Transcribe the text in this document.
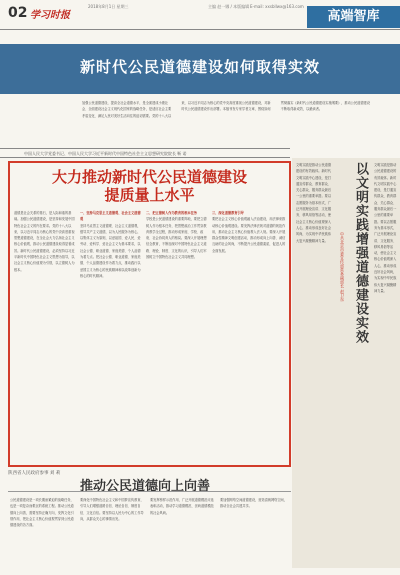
02 学习时报
2018年8月1日 星期三	主编 赵一娜 / 本版编辑 E-mail: xxsbllwx@163.com
高端智库
新时代公民道德建设如何取得实效

加强公民道德建设，提高全社会道德水平，是全面建成小康社会、全面建设社会主义现代化国家的战略任务，是适应社会主要矛盾变化、满足人民对美好生活向往的迫切需要。党的十八大以来，以习近平同志为核心的党中央高度重视公民道德建设，对新时代公民道德建设作出部署。本版刊发专家学者文章，围绕如何贯彻落实《新时代公民道德建设实施纲要》，推动公民道德建设不断取得新成效，以飨读者。

中国人民大学党委书记、中国人民大学习近平新时代中国特色社会主义思想研究院院长 靳 诺
大力推动新时代公民道德建设
提质量上水平
道德是社会关系的基石，是人际和谐的基础。加强公民道德建设，是坚持和发展中国特色社会主义的内在要求。党的十八大以来，以习近平同志为核心的党中央高度重视思想道德建设，在全社会大力弘扬社会主义核心价值观，推动公民道德建设取得显著成效。新时代公民道德建设，必须坚持以习近平新时代中国特色社会主义思想为指导，以社会主义核心价值观为引领，以立德树人为根本。
一、坚持马克思主义道德观、社会主义道德观
坚持马克思主义道德观、社会主义道德观，倡导共产主义道德，以为人民服务为核心，以集体主义为原则，以爱祖国、爱人民、爱劳动、爱科学、爱社会主义为基本要求，以社会公德、职业道德、家庭美德、个人品德为着力点。把社会公德、职业道德、家庭美德、个人品德建设作为着力点，推动践行以爱国主义为核心的民族精神和以改革创新为核心的时代精神。
二、把立德树人作为教育的根本任务
学校是公民道德建设的重要阵地，要把立德树人作为根本任务，把思想政治工作贯穿教育教学全过程，推动形成家庭、学校、政府、社会协同育人的格局。要深入开展理想信念教育，不断加深对中国特色社会主义道路、理论、制度、文化的认识，引导人们牢固树立中国特色社会主义共同理想。
三、深化道德教育引导
要把社会主义核心价值观融入法治建设，用法律来推动核心价值观建设。要发挥法律法规对道德的规范作用，推动社会主义核心价值观入法入规。要深入开展群众性精神文明创建活动，推动形成向上向善、诚信互助的社会风尚，不断提升公民道德素质，促进人的全面发展。	以文明实践增强道德建设实效
中共北京市委宣传部常务副部长 赵卫东
文明实践是推动公民道德建设的有效载体。新时代文明实践中心建设，是打通宣传群众、教育群众、关心群众、服务群众最后一公里的重要举措。要以志愿服务为基本形式，广泛开展理论宣讲、文化服务、移风易俗等活动，使社会主义核心价值观深入人心，推动形成良好社会风尚，为实现中华民族伟大复兴凝聚精神力量。
文明实践是推动公民道德建设的有效载体。新时代文明实践中心建设，是打通宣传群众、教育群众、关心群众、服务群众最后一公里的重要举措。要以志愿服务为基本形式，广泛开展理论宣讲、文化服务、移风易俗等活动，使社会主义核心价值观深入人心，推动形成良好社会风尚，为实现中华民族伟大复兴凝聚精神力量。
陕西省人民政府参事 刘 莉
推动公民道德向上向善
公民道德建设是一项长期而紧迫的战略任务，也是一项复杂而艰巨的系统工程。推动公民道德向上向善，需要坚持正确方向，发挥文化引领作用，把社会主义核心价值观贯穿到公民道德建设的各方面。
要深化中国特色社会主义和中国梦宣传教育，引导人们增强道路自信、理论自信、制度自信、文化自信。要坚持以人民为中心的工作导向，从群众关心的事情出发。
要发挥榜样示范作用，广泛开展道德模范评选表彰活动，推动学习道德模范、崇尚道德模范的社会风尚。
要加强网络空间道德建设，营造清朗网络空间，推动全社会共建共享。
